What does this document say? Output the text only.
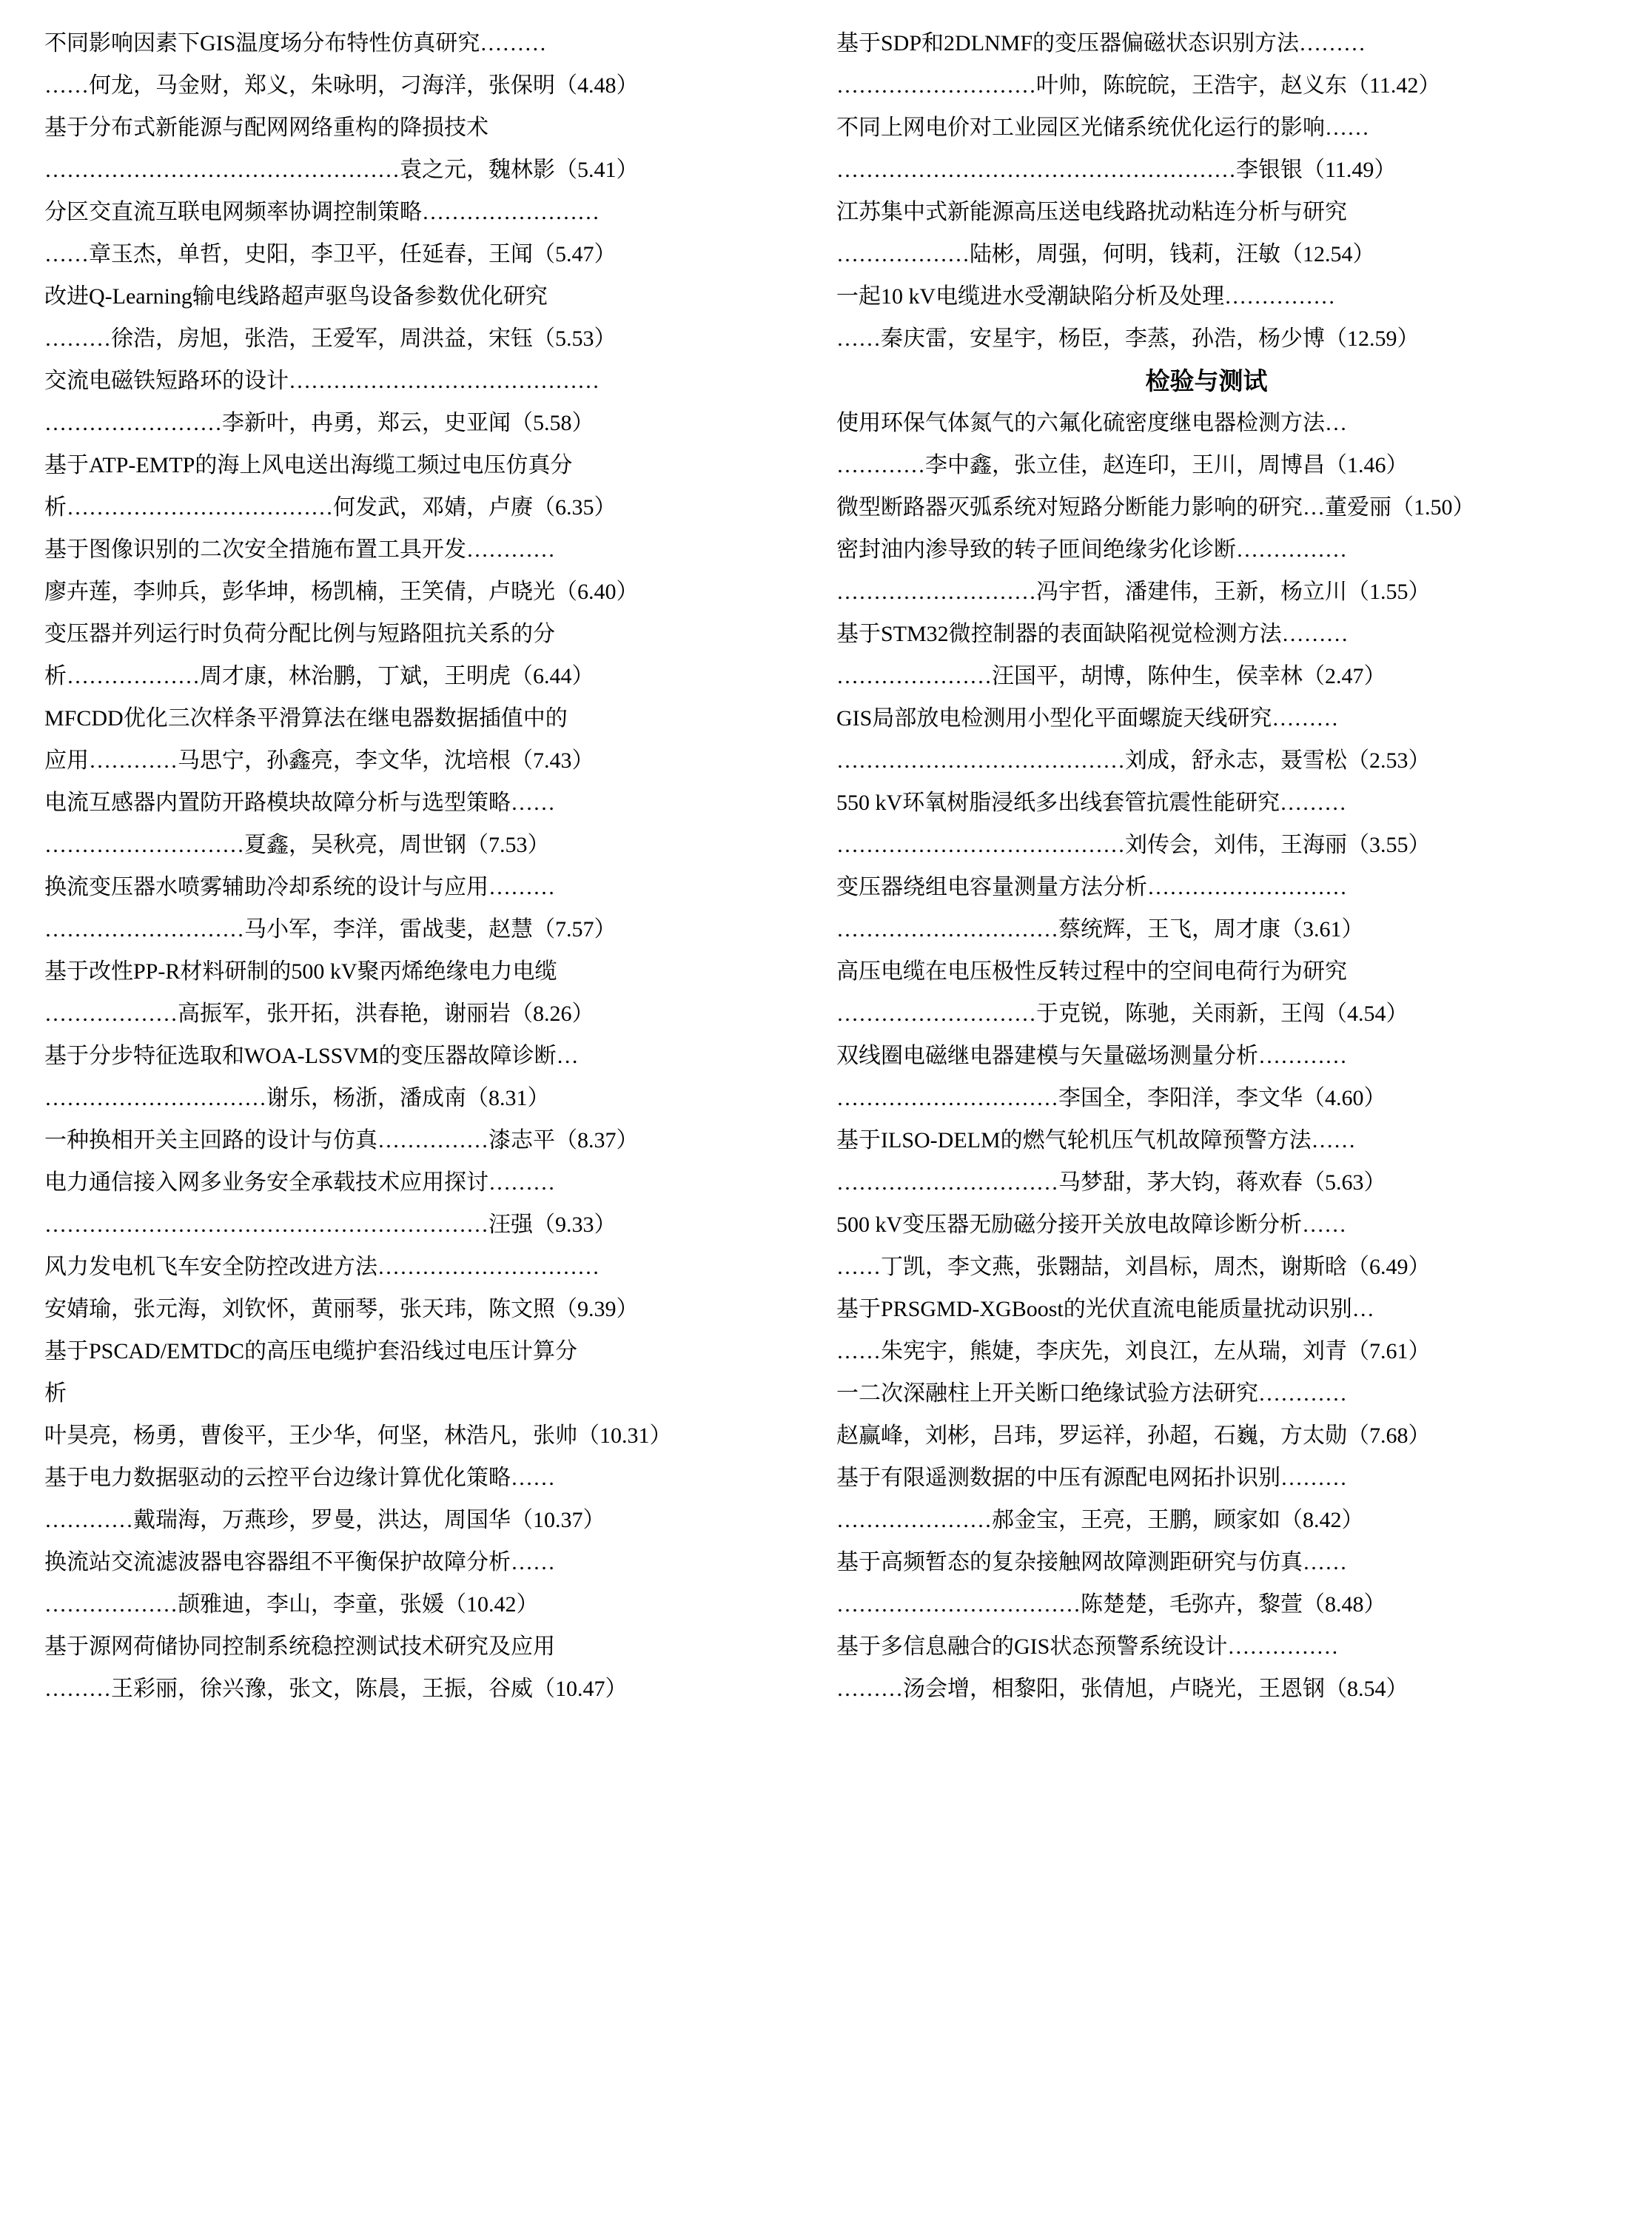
不同影响因素下GIS温度场分布特性仿真研究………
……何龙，马金财，郑义，朱咏明，刁海洋，张保明（4.48）
基于分布式新能源与配网网络重构的降损技术
…………………………………………袁之元，魏林影（5.41）
分区交直流互联电网频率协调控制策略……………………
……章玉杰，单哲，史阳，李卫平，任延春，王闻（5.47）
改进Q-Learning输电线路超声驱鸟设备参数优化研究
………徐浩，房旭，张浩，王爱军，周洪益，宋钰（5.53）
交流电磁铁短路环的设计……………………………………
……………………李新叶，冉勇，郑云，史亚闻（5.58）
基于ATP-EMTP的海上风电送出海缆工频过电压仿真分
析………………………………何发武，邓婧，卢赓（6.35）
基于图像识别的二次安全措施布置工具开发…………
廖卉莲，李帅兵，彭华坤，杨凯楠，王笑倩，卢晓光（6.40）
变压器并列运行时负荷分配比例与短路阻抗关系的分
析………………周才康，林治鹏，丁斌，王明虎（6.44）
MFCDD优化三次样条平滑算法在继电器数据插值中的
应用…………马思宁，孙鑫亮，李文华，沈培根（7.43）
电流互感器内置防开路模块故障分析与选型策略……
………………………夏鑫，吴秋亮，周世钢（7.53）
换流变压器水喷雾辅助冷却系统的设计与应用………
………………………马小军，李洋，雷战斐，赵慧（7.57）
基于改性PP-R材料研制的500 kV聚丙烯绝缘电力电缆
………………高振军，张开拓，洪春艳，谢丽岩（8.26）
基于分步特征选取和WOA-LSSVM的变压器故障诊断…
…………………………谢乐，杨浙，潘成南（8.31）
一种换相开关主回路的设计与仿真……………漆志平（8.37）
电力通信接入网多业务安全承载技术应用探讨………
……………………………………………………汪强（9.33）
风力发电机飞车安全防控改进方法…………………………
安婧瑜，张元海，刘钦怀，黄丽琴，张天玮，陈文照（9.39）
基于PSCAD/EMTDC的高压电缆护套沿线过电压计算分
析
叶昊亮，杨勇，曹俊平，王少华，何坚，林浩凡，张帅（10.31）
基于电力数据驱动的云控平台边缘计算优化策略……
…………戴瑞海，万燕珍，罗曼，洪达，周国华（10.37）
换流站交流滤波器电容器组不平衡保护故障分析……
………………颉雅迪，李山，李童，张媛（10.42）
基于源网荷储协同控制系统稳控测试技术研究及应用
………王彩丽，徐兴豫，张文，陈晨，王振，谷威（10.47）
基于SDP和2DLNMF的变压器偏磁状态识别方法………
………………………叶帅，陈皖皖，王浩宇，赵义东（11.42）
不同上网电价对工业园区光储系统优化运行的影响……
………………………………………………李银银（11.49）
江苏集中式新能源高压送电线路扰动粘连分析与研究
………………陆彬，周强，何明，钱莉，汪敏（12.54）
一起10 kV电缆进水受潮缺陷分析及处理……………
……秦庆雷，安星宇，杨臣，李蒸，孙浩，杨少博（12.59）
检验与测试
使用环保气体氮气的六氟化硫密度继电器检测方法…
…………李中鑫，张立佳，赵连印，王川，周博昌（1.46）
微型断路器灭弧系统对短路分断能力影响的研究…董爱丽（1.50）
密封油内渗导致的转子匝间绝缘劣化诊断……………
………………………冯宇哲，潘建伟，王新，杨立川（1.55）
基于STM32微控制器的表面缺陷视觉检测方法………
…………………汪国平，胡博，陈仲生，侯幸林（2.47）
GIS局部放电检测用小型化平面螺旋天线研究………
…………………………………刘成，舒永志，聂雪松（2.53）
550 kV环氧树脂浸纸多出线套管抗震性能研究………
…………………………………刘传会，刘伟，王海丽（3.55）
变压器绕组电容量测量方法分析………………………
…………………………蔡统辉，王飞，周才康（3.61）
高压电缆在电压极性反转过程中的空间电荷行为研究
………………………于克锐，陈驰，关雨新，王闯（4.54）
双线圈电磁继电器建模与矢量磁场测量分析…………
…………………………李国全，李阳洋，李文华（4.60）
基于ILSO-DELM的燃气轮机压气机故障预警方法……
…………………………马梦甜，茅大钧，蒋欢春（5.63）
500 kV变压器无励磁分接开关放电故障诊断分析……
……丁凯，李文燕，张翾喆，刘昌标，周杰，谢斯晗（6.49）
基于PRSGMD-XGBoost的光伏直流电能质量扰动识别…
……朱宪宇，熊婕，李庆先，刘良江，左从瑞，刘青（7.61）
一二次深融柱上开关断口绝缘试验方法研究…………
赵赢峰，刘彬，吕玮，罗运祥，孙超，石巍，方太勋（7.68）
基于有限遥测数据的中压有源配电网拓扑识别………
…………………郝金宝，王亮，王鹏，顾家如（8.42）
基于高频暂态的复杂接触网故障测距研究与仿真……
……………………………陈楚楚，毛弥卉，黎萱（8.48）
基于多信息融合的GIS状态预警系统设计……………
………汤会增，相黎阳，张倩旭，卢晓光，王恩钢（8.54）
